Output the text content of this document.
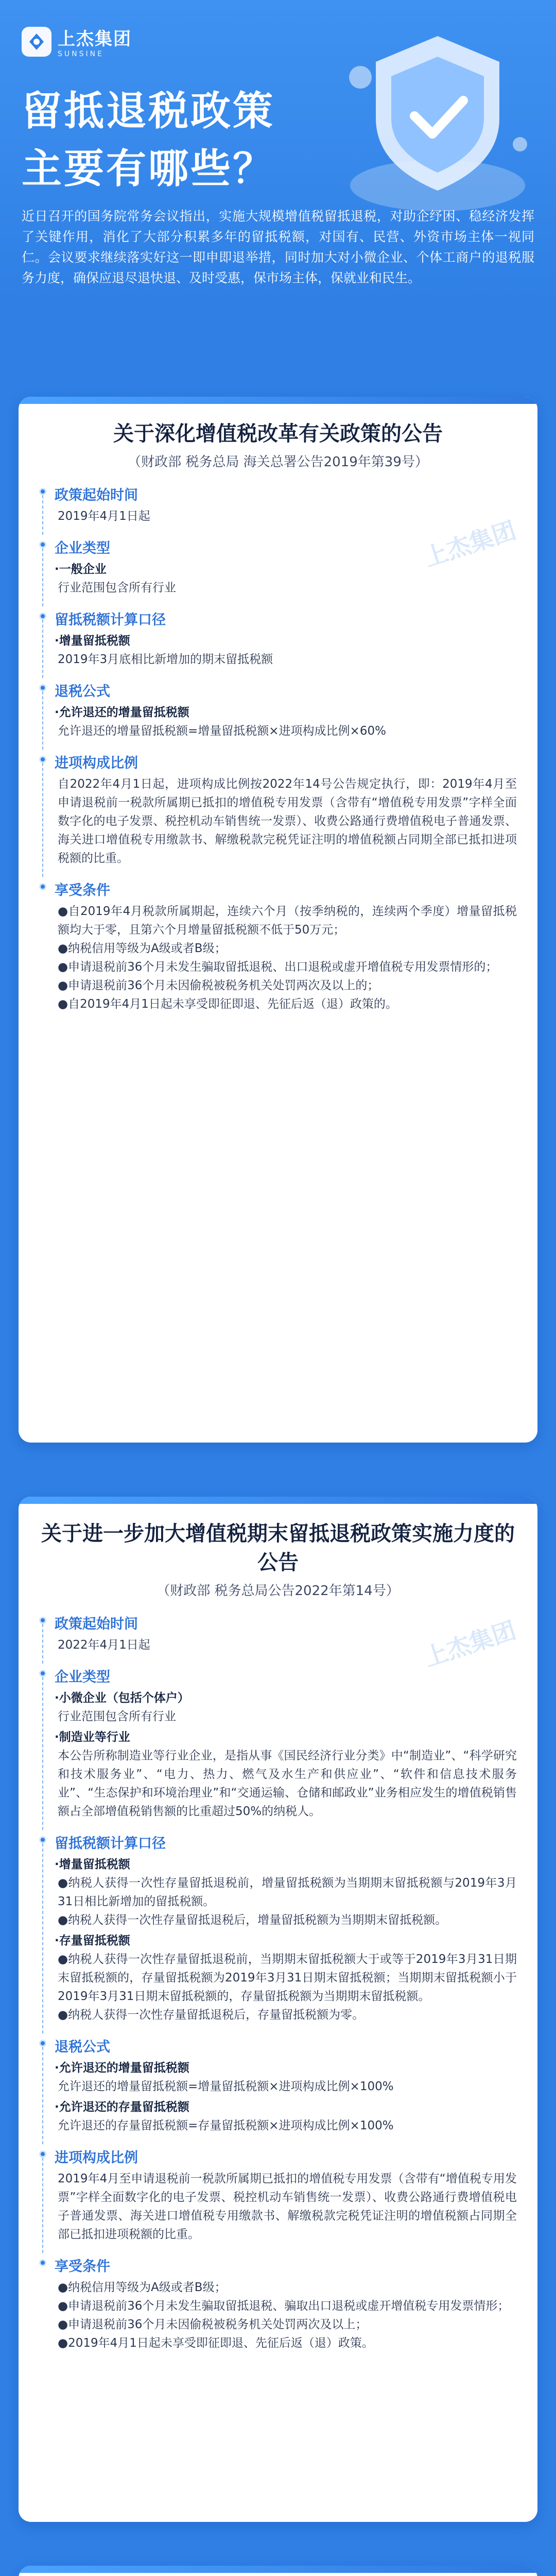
上杰集团
SUNSINE
留抵退税政策
主要有哪些？
近日召开的国务院常务会议指出，实施大规模增值税留抵退税，对助企纾困、稳经济发挥了关键作用，消化了大部分积累多年的留抵税额，对国有、民营、外资市场主体一视同仁。会议要求继续落实好这一即申即退举措，同时加大对小微企业、个体工商户的退税服务力度，确保应退尽退快退、及时受惠，保市场主体，保就业和民生。
上杰集团
关于深化增值税改革有关政策的公告
（财政部 税务总局 海关总署公告2019年第39号）
政策起始时间
2019年4月1日起
企业类型
·一般企业
行业范围包含所有行业
留抵税额计算口径
·增量留抵税额
2019年3月底相比新增加的期末留抵税额
退税公式
·允许退还的增量留抵税额
允许退还的增量留抵税额=增量留抵税额×进项构成比例×60%
进项构成比例
自2022年4月1日起，进项构成比例按2022年14号公告规定执行，即：2019年4月至申请退税前一税款所属期已抵扣的增值税专用发票（含带有“增值税专用发票”字样全面数字化的电子发票、税控机动车销售统一发票）、收费公路通行费增值税电子普通发票、海关进口增值税专用缴款书、解缴税款完税凭证注明的增值税额占同期全部已抵扣进项税额的比重。
享受条件
●自2019年4月税款所属期起，连续六个月（按季纳税的，连续两个季度）增量留抵税额均大于零，且第六个月增量留抵税额不低于50万元；
●纳税信用等级为A级或者B级；
●申请退税前36个月未发生骗取留抵退税、出口退税或虚开增值税专用发票情形的；
●申请退税前36个月未因偷税被税务机关处罚两次及以上的；
●自2019年4月1日起未享受即征即退、先征后返（退）政策的。
上杰集团
关于进一步加大增值税期末留抵退税政策实施力度的公告
（财政部 税务总局公告2022年第14号）
政策起始时间
2022年4月1日起
企业类型
·小微企业（包括个体户）
行业范围包含所有行业
·制造业等行业
本公告所称制造业等行业企业，是指从事《国民经济行业分类》中“制造业”、“科学研究和技术服务业”、“电力、热力、燃气及水生产和供应业”、“软件和信息技术服务业”、“生态保护和环境治理业”和“交通运输、仓储和邮政业”业务相应发生的增值税销售额占全部增值税销售额的比重超过50%的纳税人。
留抵税额计算口径
·增量留抵税额
●纳税人获得一次性存量留抵退税前，增量留抵税额为当期期末留抵税额与2019年3月31日相比新增加的留抵税额。
●纳税人获得一次性存量留抵退税后，增量留抵税额为当期期末留抵税额。
·存量留抵税额
●纳税人获得一次性存量留抵退税前，当期期末留抵税额大于或等于2019年3月31日期末留抵税额的，存量留抵税额为2019年3月31日期末留抵税额；当期期末留抵税额小于2019年3月31日期末留抵税额的，存量留抵税额为当期期末留抵税额。
●纳税人获得一次性存量留抵退税后，存量留抵税额为零。
退税公式
·允许退还的增量留抵税额
允许退还的增量留抵税额=增量留抵税额×进项构成比例×100%
·允许退还的存量留抵税额
允许退还的存量留抵税额=存量留抵税额×进项构成比例×100%
进项构成比例
2019年4月至申请退税前一税款所属期已抵扣的增值税专用发票（含带有“增值税专用发票”字样全面数字化的电子发票、税控机动车销售统一发票）、收费公路通行费增值税电子普通发票、海关进口增值税专用缴款书、解缴税款完税凭证注明的增值税额占同期全部已抵扣进项税额的比重。
享受条件
●纳税信用等级为A级或者B级；
●申请退税前36个月未发生骗取留抵退税、骗取出口退税或虚开增值税专用发票情形；
●申请退税前36个月未因偷税被税务机关处罚两次及以上；
●2019年4月1日起未享受即征即退、先征后返（退）政策。
